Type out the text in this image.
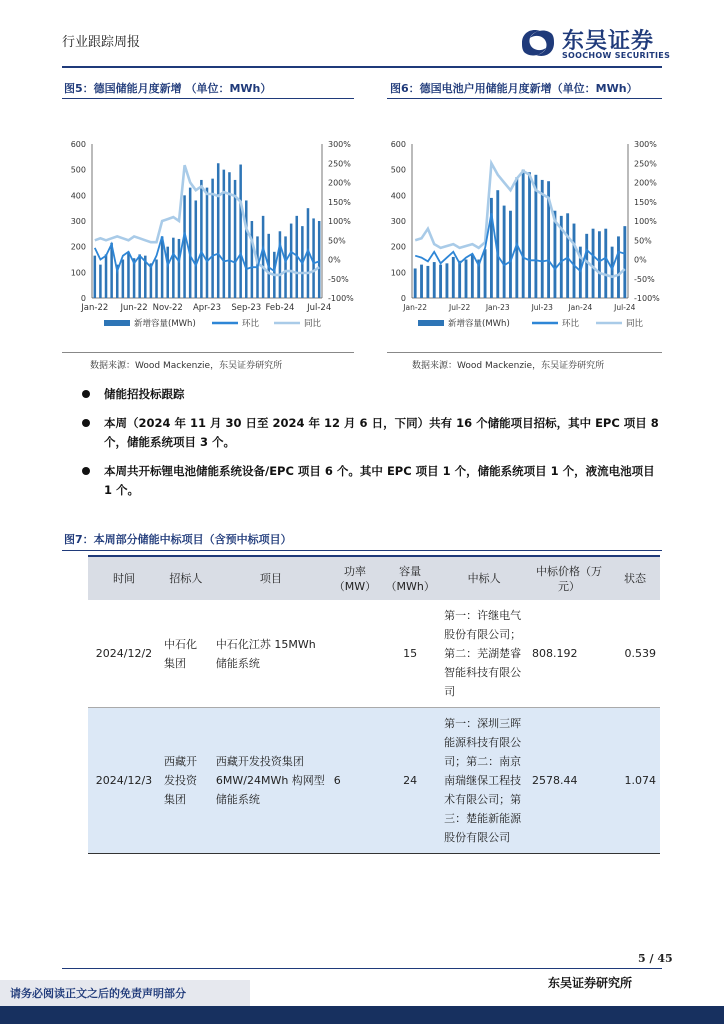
行业跟踪周报	东吴证券
SOOCHOW SECURITIES
图5：德国储能月度新增 （单位：MWh）
0
100
200
300
400
500
600
-100%
-50%
0%
50%
100%
150%
200%
250%
300%
Jan-22 Jun-22 Nov-22 Apr-23 Sep-23 Feb-24 Jul-24
新增容量(MWh)	环比	同比
数据来源：Wood Mackenzie，东吴证券研究所
图6：德国电池户用储能月度新增（单位：MWh）
0
100
200
300
400
500
600
-100%
-50%
0%
50%
100%
150%
200%
250%
300%
Jan-22	Jul-22 Jan-23	Jul-23 Jan-24	Jul-24
新增容量(MWh)	环比	同比
数据来源：Wood Mackenzie，东吴证券研究所
储能招投标跟踪
本周（2024 年 11 月 30 日至 2024 年 12 月 6 日，下同）共有 16 个储能项目招标，其中 EPC 项目 8 个，储能系统项目 3 个。
本周共开标锂电池储能系统设备/EPC 项目 6 个。其中 EPC 项目 1 个，储能系统项目 1 个，液流电池项目 1 个。
图7：本周部分储能中标项目（含预中标项目）
时间	招标人	项目	功率（MW）	容量（MWh）	中标人	中标价格（万元）	状态
2024/12/2	中石化集团	中石化江苏 15MWh 储能系统		15	第一：许继电气股份有限公司；第二：芜湖楚睿智能科技有限公司	808.192	0.539
2024/12/3	西藏开发投资集团	西藏开发投资集团 6MW/24MWh 构网型储能系统	6	24	第一：深圳三晖能源科技有限公司；第二：南京南瑞继保工程技术有限公司；第三：楚能新能源股份有限公司	2578.44	1.074
5 / 45
东吴证券研究所
请务必阅读正文之后的免责声明部分
